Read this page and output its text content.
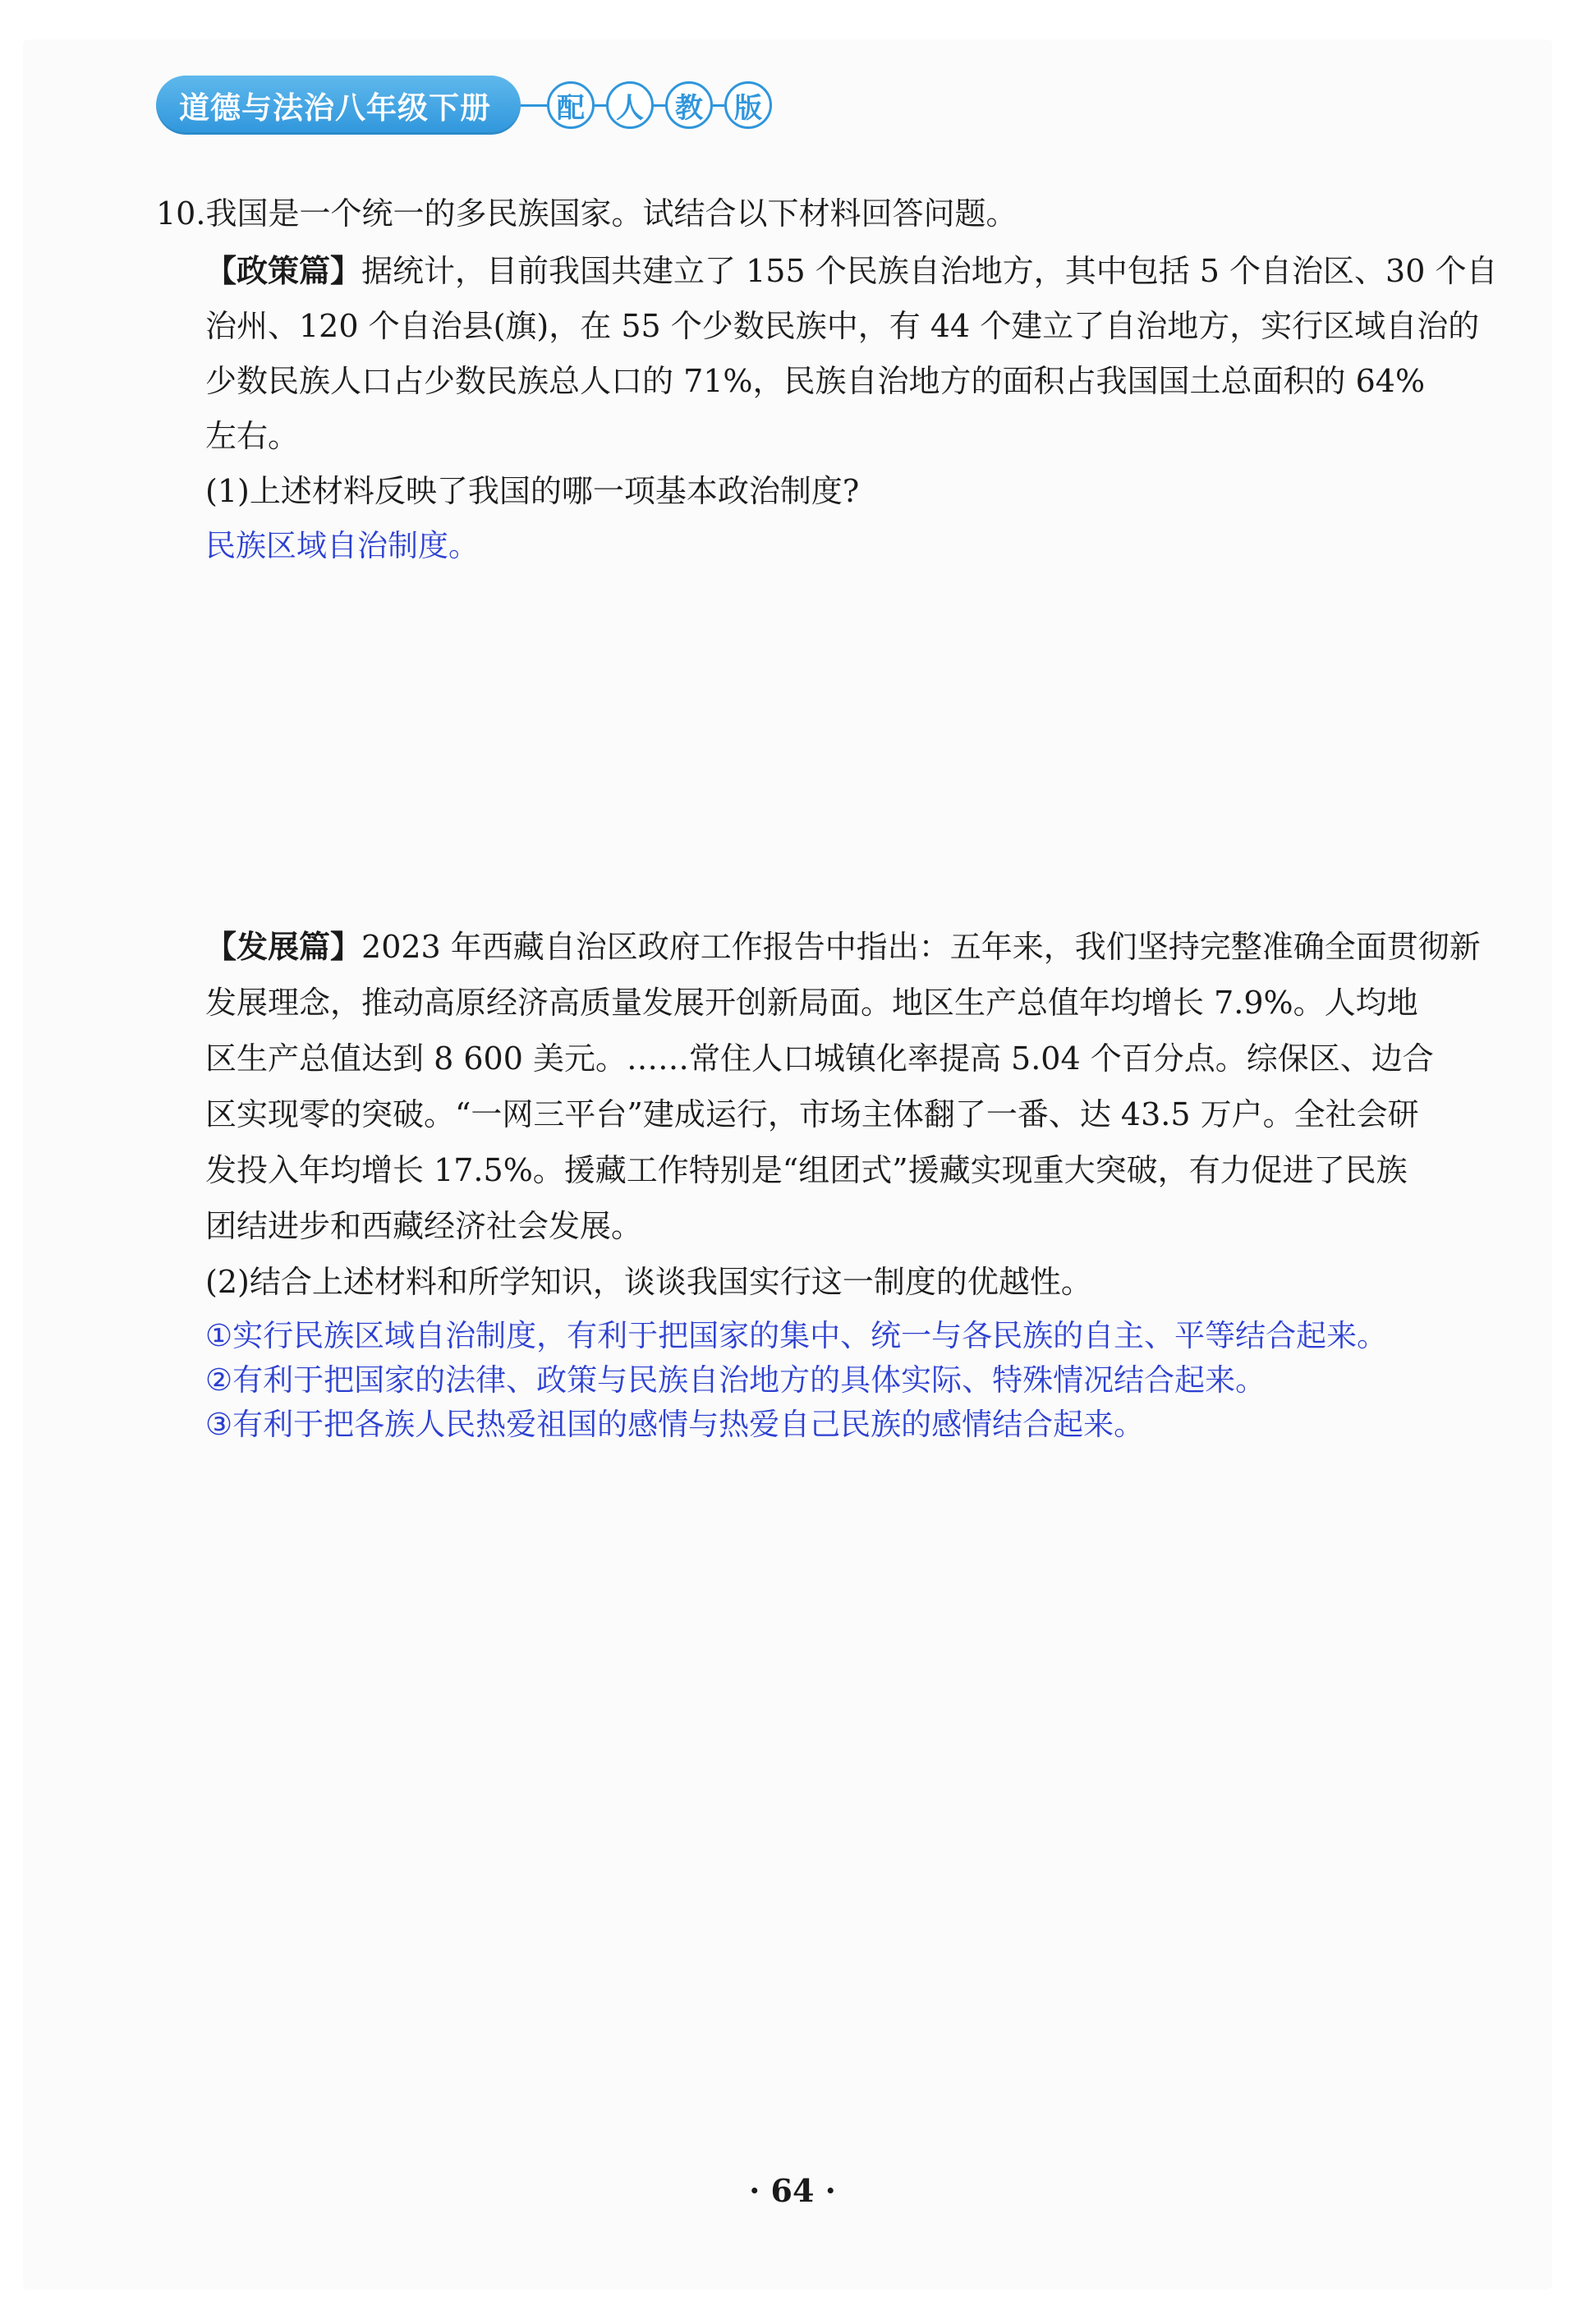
道德与法治八年级下册	配	人	教	版
10.我国是一个统一的多民族国家。试结合以下材料回答问题。
【政策篇】据统计，目前我国共建立了 155 个民族自治地方，其中包括 5 个自治区、30 个自
治州、120 个自治县(旗)，在 55 个少数民族中，有 44 个建立了自治地方，实行区域自治的
少数民族人口占少数民族总人口的 71%，民族自治地方的面积占我国国土总面积的 64%
左右。
(1)上述材料反映了我国的哪一项基本政治制度?
民族区域自治制度。
【发展篇】2023 年西藏自治区政府工作报告中指出：五年来，我们坚持完整准确全面贯彻新
发展理念，推动高原经济高质量发展开创新局面。地区生产总值年均增长 7.9%。人均地
区生产总值达到 8 600 美元。……常住人口城镇化率提高 5.04 个百分点。综保区、边合
区实现零的突破。“一网三平台”建成运行，市场主体翻了一番、达 43.5 万户。全社会研
发投入年均增长 17.5%。援藏工作特别是“组团式”援藏实现重大突破，有力促进了民族
团结进步和西藏经济社会发展。
(2)结合上述材料和所学知识，谈谈我国实行这一制度的优越性。
①实行民族区域自治制度，有利于把国家的集中、统一与各民族的自主、平等结合起来。
②有利于把国家的法律、政策与民族自治地方的具体实际、特殊情况结合起来。
③有利于把各族人民热爱祖国的感情与热爱自己民族的感情结合起来。
· 64 ·
